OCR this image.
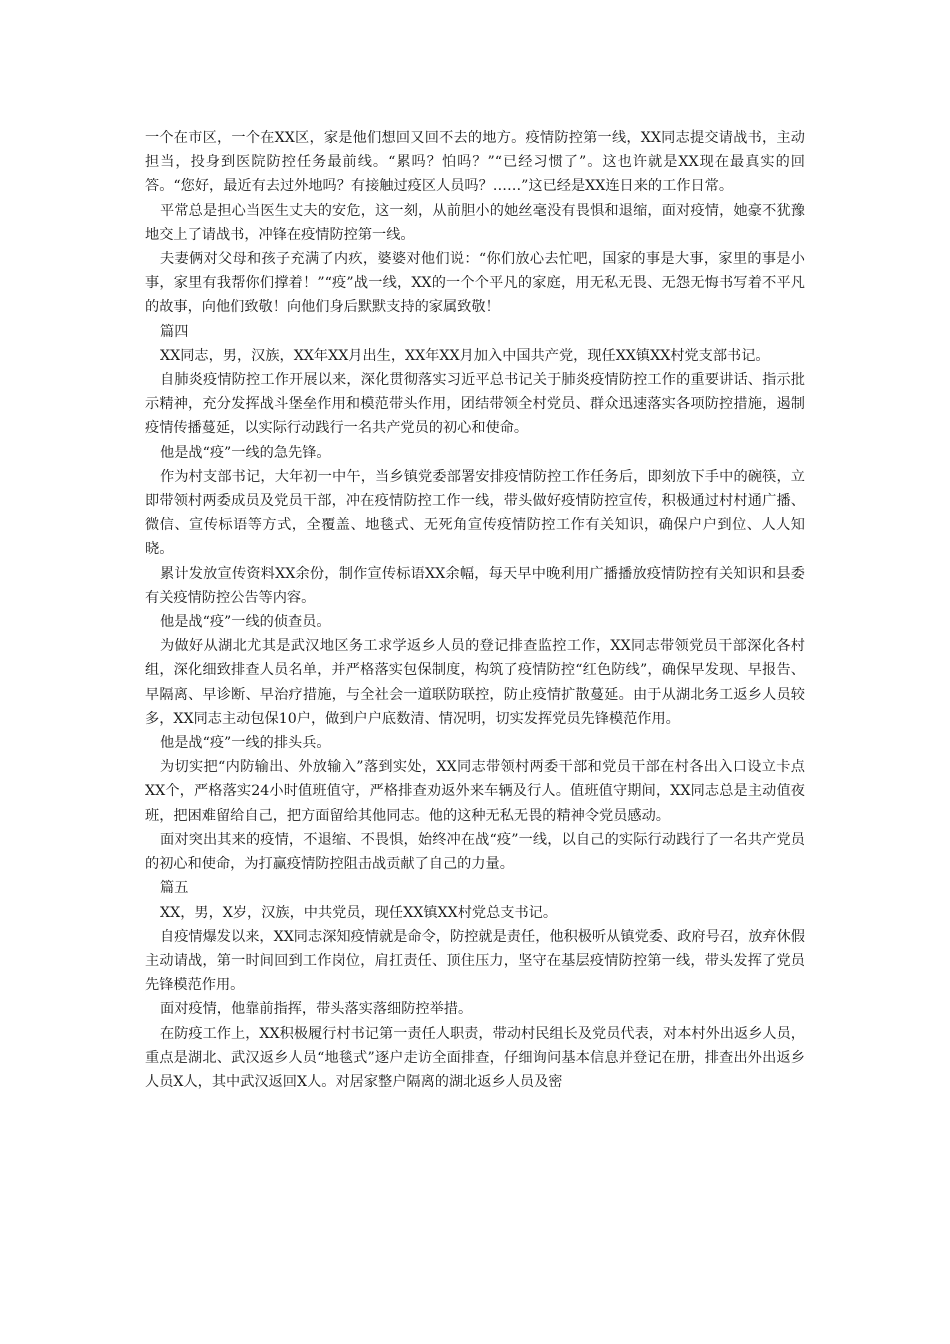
一个在市区，一个在XX区，家是他们想回又回不去的地方。疫情防控第一线，XX同志提交请战书，主动担当，投身到医院防控任务最前线。“累吗？怕吗？”“已经习惯了”。这也许就是XX现在最真实的回答。“您好，最近有去过外地吗？有接触过疫区人员吗？……”这已经是XX连日来的工作日常。

平常总是担心当医生丈夫的安危，这一刻，从前胆小的她丝毫没有畏惧和退缩，面对疫情，她豪不犹豫地交上了请战书，冲锋在疫情防控第一线。

夫妻俩对父母和孩子充满了内疚，婆婆对他们说：“你们放心去忙吧，国家的事是大事，家里的事是小事，家里有我帮你们撑着！”“疫”战一线，XX的一个个平凡的家庭，用无私无畏、无怨无悔书写着不平凡的故事，向他们致敬！向他们身后默默支持的家属致敬！

篇四

XX同志，男，汉族，XX年XX月出生，XX年XX月加入中国共产党，现任XX镇XX村党支部书记。

自肺炎疫情防控工作开展以来，深化贯彻落实习近平总书记关于肺炎疫情防控工作的重要讲话、指示批示精神，充分发挥战斗堡垒作用和模范带头作用，团结带领全村党员、群众迅速落实各项防控措施，遏制疫情传播蔓延，以实际行动践行一名共产党员的初心和使命。

他是战“疫”一线的急先锋。

作为村支部书记，大年初一中午，当乡镇党委部署安排疫情防控工作任务后，即刻放下手中的碗筷，立即带领村两委成员及党员干部，冲在疫情防控工作一线，带头做好疫情防控宣传，积极通过村村通广播、微信、宣传标语等方式，全覆盖、地毯式、无死角宣传疫情防控工作有关知识，确保户户到位、人人知晓。

累计发放宣传资料XX余份，制作宣传标语XX余幅，每天早中晚利用广播播放疫情防控有关知识和县委有关疫情防控公告等内容。

他是战“疫”一线的侦查员。

为做好从湖北尤其是武汉地区务工求学返乡人员的登记排查监控工作，XX同志带领党员干部深化各村组，深化细致排查人员名单，并严格落实包保制度，构筑了疫情防控“红色防线”，确保早发现、早报告、早隔离、早诊断、早治疗措施，与全社会一道联防联控，防止疫情扩散蔓延。由于从湖北务工返乡人员较多，XX同志主动包保10户，做到户户底数清、情况明，切实发挥党员先锋模范作用。

他是战“疫”一线的排头兵。

为切实把“内防输出、外放输入”落到实处，XX同志带领村两委干部和党员干部在村各出入口设立卡点XX个，严格落实24小时值班值守，严格排查劝返外来车辆及行人。值班值守期间，XX同志总是主动值夜班，把困难留给自己，把方面留给其他同志。他的这种无私无畏的精神令党员感动。

面对突出其来的疫情，不退缩、不畏惧，始终冲在战“疫”一线，以自己的实际行动践行了一名共产党员的初心和使命，为打赢疫情防控阻击战贡献了自己的力量。

篇五

XX，男，X岁，汉族，中共党员，现任XX镇XX村党总支书记。

自疫情爆发以来，XX同志深知疫情就是命令，防控就是责任，他积极听从镇党委、政府号召，放弃休假主动请战，第一时间回到工作岗位，肩扛责任、顶住压力，坚守在基层疫情防控第一线，带头发挥了党员先锋模范作用。

面对疫情，他靠前指挥，带头落实落细防控举措。

在防疫工作上，XX积极履行村书记第一责任人职责，带动村民组长及党员代表，对本村外出返乡人员，重点是湖北、武汉返乡人员“地毯式”逐户走访全面排查，仔细询问基本信息并登记在册，排查出外出返乡人员X人，其中武汉返回X人。对居家整户隔离的湖北返乡人员及密
